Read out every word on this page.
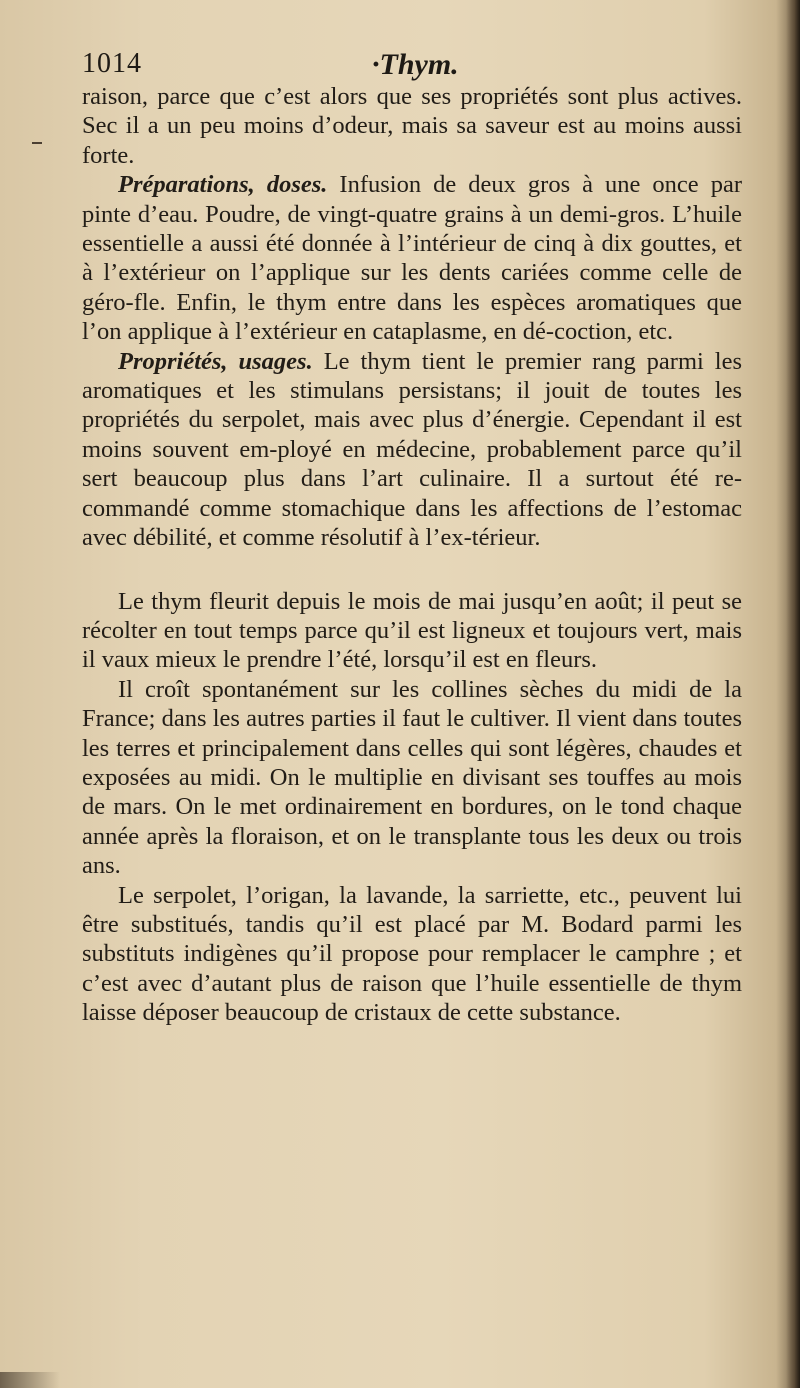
1014	·Thym.

raison, parce que c’est alors que ses propriétés sont plus actives. Sec il a un peu moins d’odeur, mais sa saveur est au moins aussi forte.

Préparations, doses. Infusion de deux gros à une once par pinte d’eau. Poudre, de vingt-quatre grains à un demi-gros. L’huile essentielle a aussi été donnée à l’intérieur de cinq à dix gouttes, et à l’extérieur on l’applique sur les dents cariées comme celle de géro-fle. Enfin, le thym entre dans les espèces aromatiques que l’on applique à l’extérieur en cataplasme, en dé-coction, etc.

Propriétés, usages. Le thym tient le premier rang parmi les aromatiques et les stimulans persistans; il jouit de toutes les propriétés du serpolet, mais avec plus d’énergie. Cependant il est moins souvent em-ployé en médecine, probablement parce qu’il sert beaucoup plus dans l’art culinaire. Il a surtout été re-commandé comme stomachique dans les affections de l’estomac avec débilité, et comme résolutif à l’ex-térieur.

Le thym fleurit depuis le mois de mai jusqu’en août; il peut se récolter en tout temps parce qu’il est ligneux et toujours vert, mais il vaux mieux le prendre l’été, lorsqu’il est en fleurs.

Il croît spontanément sur les collines sèches du midi de la France; dans les autres parties il faut le cultiver. Il vient dans toutes les terres et principalement dans celles qui sont légères, chaudes et exposées au midi. On le multiplie en divisant ses touffes au mois de mars. On le met ordinairement en bordures, on le tond chaque année après la floraison, et on le transplante tous les deux ou trois ans.

Le serpolet, l’origan, la lavande, la sarriette, etc., peuvent lui être substitués, tandis qu’il est placé par M. Bodard parmi les substituts indigènes qu’il propose pour remplacer le camphre ; et c’est avec d’autant plus de raison que l’huile essentielle de thym laisse déposer beaucoup de cristaux de cette substance.
